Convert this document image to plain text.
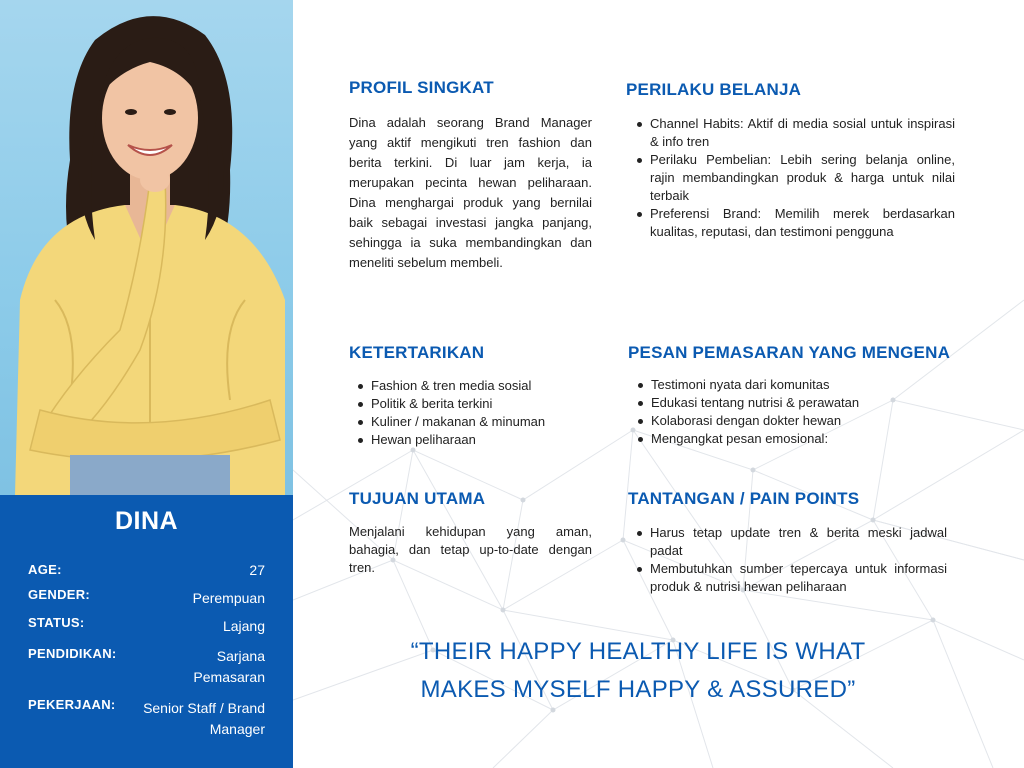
DINA
AGE:	27
GENDER:	Perempuan
STATUS:	Lajang
PENDIDIKAN:	Sarjana Pemasaran
PEKERJAAN: Senior Staff / Brand Manager
PROFIL SINGKAT
Dina adalah seorang Brand Manager yang aktif mengikuti tren fashion dan berita terkini. Di luar jam kerja, ia merupakan pecinta hewan peliharaan. Dina menghargai produk yang bernilai baik sebagai investasi jangka panjang, sehingga ia suka membandingkan dan meneliti sebelum membeli.
PERILAKU BELANJA
Channel Habits: Aktif di media sosial untuk inspirasi & info tren
Perilaku Pembelian: Lebih sering belanja online, rajin membandingkan produk & harga untuk nilai terbaik
Preferensi Brand: Memilih merek berdasarkan kualitas, reputasi, dan testimoni pengguna
KETERTARIKAN
Fashion & tren media sosial
Politik & berita terkini
Kuliner / makanan & minuman
Hewan peliharaan
PESAN PEMASARAN YANG MENGENA
Testimoni nyata dari komunitas
Edukasi tentang nutrisi & perawatan
Kolaborasi dengan dokter hewan
Mengangkat pesan emosional:
TUJUAN UTAMA
Menjalani kehidupan yang aman, bahagia, dan tetap up-to-date dengan tren.
TANTANGAN / PAIN POINTS
Harus tetap update tren & berita meski jadwal padat
Membutuhkan sumber tepercaya untuk informasi produk & nutrisi hewan peliharaan
“THEIR HAPPY HEALTHY LIFE IS WHAT
MAKES MYSELF HAPPY & ASSURED”
